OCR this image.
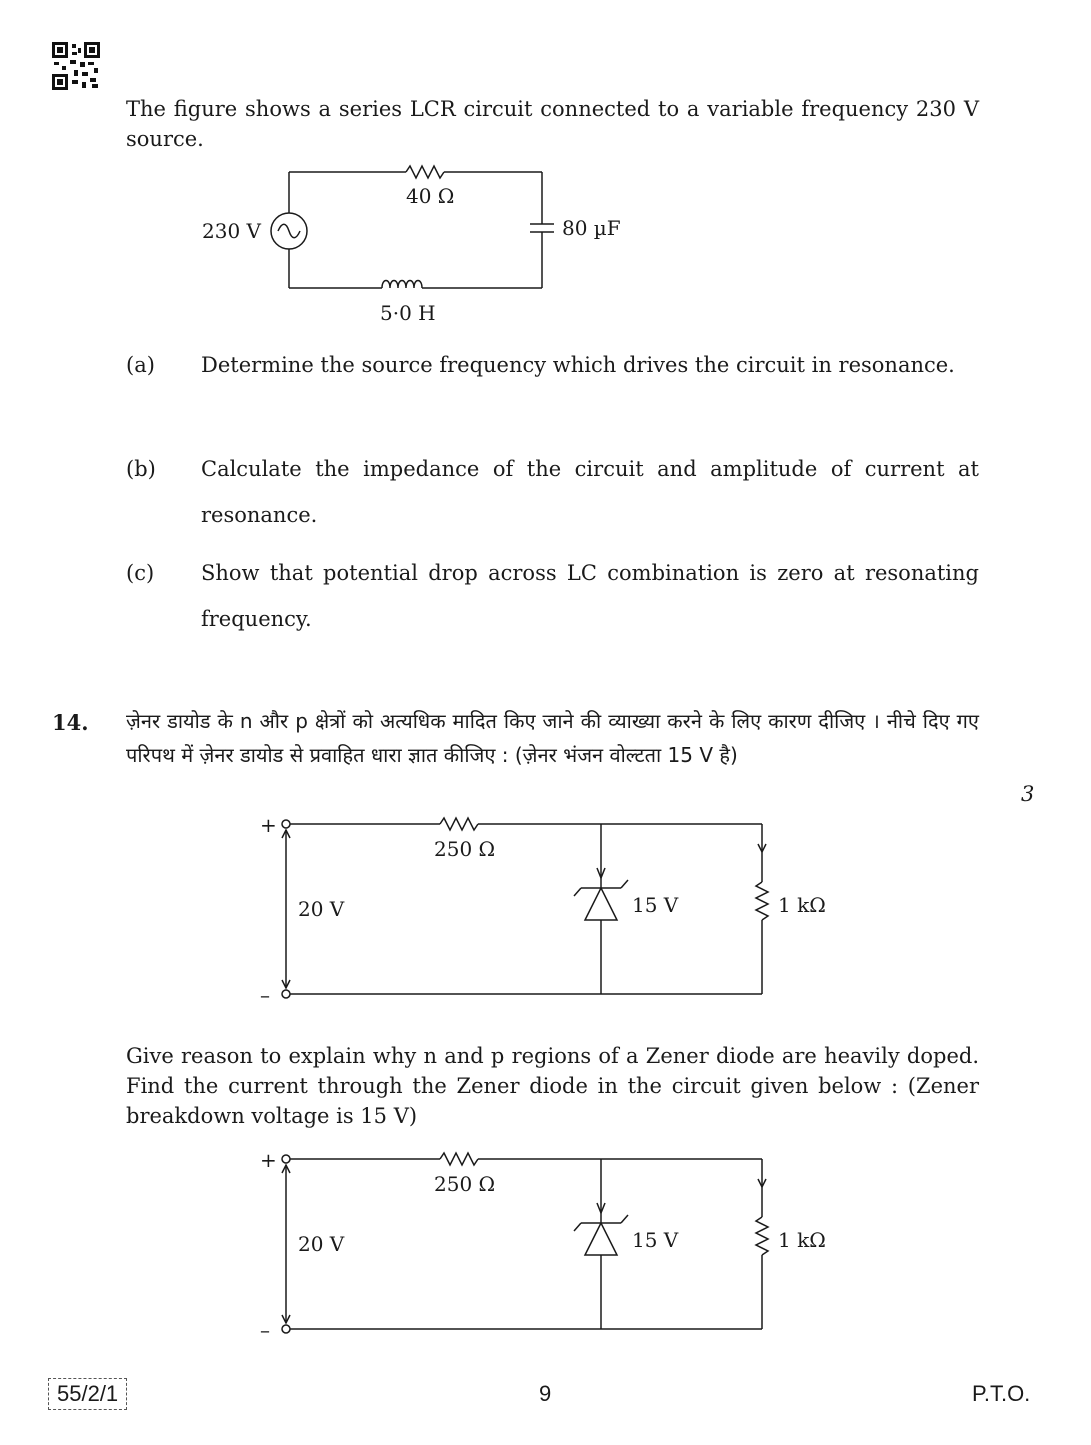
The figure shows a series LCR circuit connected to a variable frequency 230 V source.
40 Ω
230 V	80 µF
5·0 H
(a) Determine the source frequency which drives the circuit in resonance.
(b) Calculate the impedance of the circuit and amplitude of current at resonance.
(c) Show that potential drop across LC combination is zero at resonating frequency.
14. ज़ेनर डायोड के n और p क्षेत्रों को अत्यधिक मादित किए जाने की व्याख्या करने के लिए कारण दीजिए । नीचे दिए गए परिपथ में ज़ेनर डायोड से प्रवाहित धारा ज्ञात कीजिए : (ज़ेनर भंजन वोल्टता 15 V है)
3
+
–
20 V
250 Ω
15 V	1 kΩ
Give reason to explain why n and p regions of a Zener diode are heavily doped. Find the current through the Zener diode in the circuit given below : (Zener breakdown voltage is 15 V)
+
–
20 V
250 Ω
15 V	1 kΩ
55/2/1	9	P.T.O.
